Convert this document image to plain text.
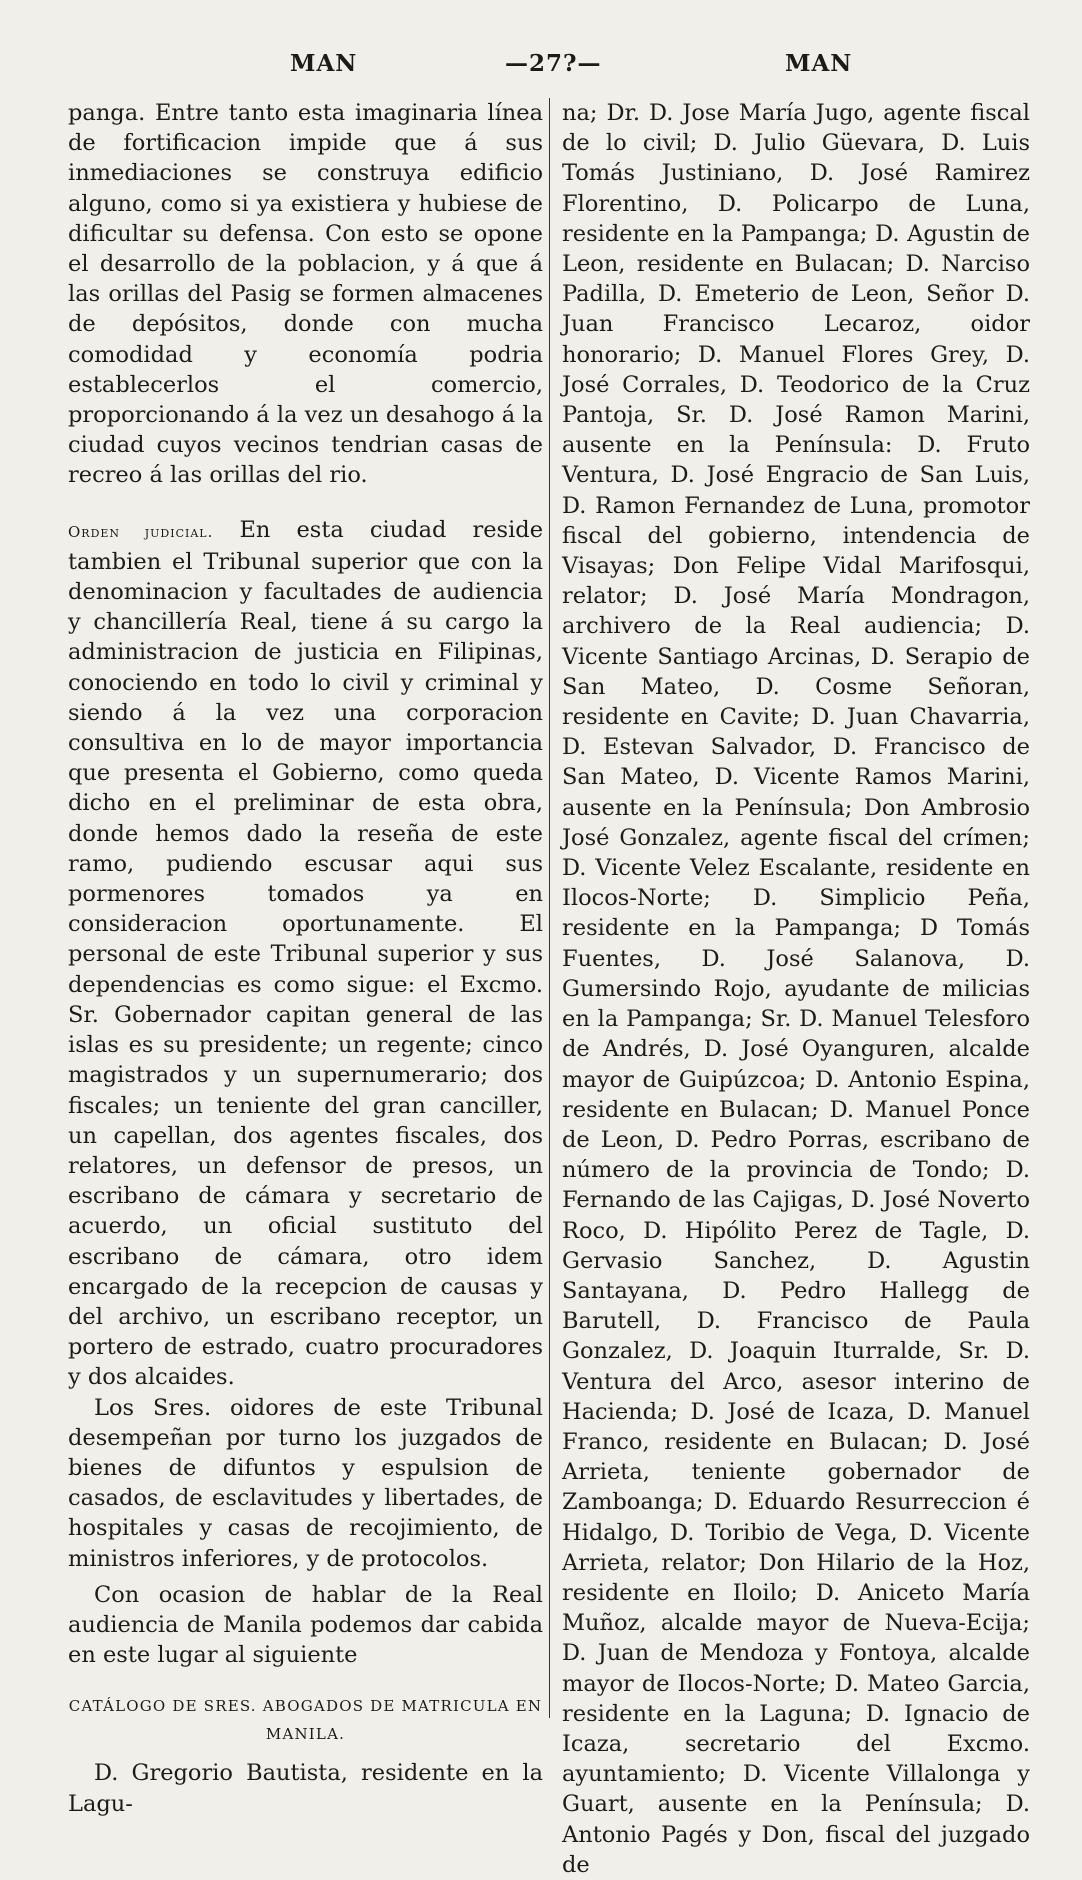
MAN	—27?—	MAN

panga. Entre tanto esta imaginaria línea de fortificacion impide que á sus inmediaciones se construya edificio alguno, como si ya existiera y hubiese de dificultar su defensa. Con esto se opone el desarrollo de la poblacion, y á que á las orillas del Pasig se formen almacenes de depósitos, donde con mucha comodidad y economía podria establecerlos el comercio, proporcionando á la vez un desahogo á la ciudad cuyos vecinos tendrian casas de recreo á las orillas del rio.

Orden judicial. En esta ciudad reside tambien el Tribunal superior que con la denominacion y facultades de audiencia y chancillería Real, tiene á su cargo la administracion de justicia en Filipinas, conociendo en todo lo civil y criminal y siendo á la vez una corporacion consultiva en lo de mayor importancia que presenta el Gobierno, como queda dicho en el preliminar de esta obra, donde hemos dado la reseña de este ramo, pudiendo escusar aqui sus pormenores tomados ya en consideracion oportunamente. El personal de este Tribunal superior y sus dependencias es como sigue: el Excmo. Sr. Gobernador capitan general de las islas es su presidente; un regente; cinco magistrados y un supernumerario; dos fiscales; un teniente del gran canciller, un capellan, dos agentes fiscales, dos relatores, un defensor de presos, un escribano de cámara y secretario de acuerdo, un oficial sustituto del escribano de cámara, otro idem encargado de la recepcion de causas y del archivo, un escribano receptor, un portero de estrado, cuatro procuradores y dos alcaides.

Los Sres. oidores de este Tribunal desempeñan por turno los juzgados de bienes de difuntos y espulsion de casados, de esclavitudes y libertades, de hospitales y casas de recojimiento, de ministros inferiores, y de protocolos.

Con ocasion de hablar de la Real audiencia de Manila podemos dar cabida en este lugar al siguiente

CATÁLOGO DE SRES. ABOGADOS DE MATRICULA EN MANILA.

D. Gregorio Bautista, residente en la Lagu-

na; Dr. D. Jose María Jugo, agente fiscal de lo civil; D. Julio Güevara, D. Luis Tomás Justiniano, D. José Ramirez Florentino, D. Policarpo de Luna, residente en la Pampanga; D. Agustin de Leon, residente en Bulacan; D. Narciso Padilla, D. Emeterio de Leon, Señor D. Juan Francisco Lecaroz, oidor honorario; D. Manuel Flores Grey, D. José Corrales, D. Teodorico de la Cruz Pantoja, Sr. D. José Ramon Marini, ausente en la Península: D. Fruto Ventura, D. José Engracio de San Luis, D. Ramon Fernandez de Luna, promotor fiscal del gobierno, intendencia de Visayas; Don Felipe Vidal Marifosqui, relator; D. José María Mondragon, archivero de la Real audiencia; D. Vicente Santiago Arcinas, D. Serapio de San Mateo, D. Cosme Señoran, residente en Cavite; D. Juan Chavarria, D. Estevan Salvador, D. Francisco de San Mateo, D. Vicente Ramos Marini, ausente en la Península; Don Ambrosio José Gonzalez, agente fiscal del crímen; D. Vicente Velez Escalante, residente en Ilocos-Norte; D. Simplicio Peña, residente en la Pampanga; D Tomás Fuentes, D. José Salanova, D. Gumersindo Rojo, ayudante de milicias en la Pampanga; Sr. D. Manuel Telesforo de Andrés, D. José Oyanguren, alcalde mayor de Guipúzcoa; D. Antonio Espina, residente en Bulacan; D. Manuel Ponce de Leon, D. Pedro Porras, escribano de número de la provincia de Tondo; D. Fernando de las Cajigas, D. José Noverto Roco, D. Hipólito Perez de Tagle, D. Gervasio Sanchez, D. Agustin Santayana, D. Pedro Hallegg de Barutell, D. Francisco de Paula Gonzalez, D. Joaquin Iturralde, Sr. D. Ventura del Arco, asesor interino de Hacienda; D. José de Icaza, D. Manuel Franco, residente en Bulacan; D. José Arrieta, teniente gobernador de Zamboanga; D. Eduardo Resurreccion é Hidalgo, D. Toribio de Vega, D. Vicente Arrieta, relator; Don Hilario de la Hoz, residente en Iloilo; D. Aniceto María Muñoz, alcalde mayor de Nueva-Ecija; D. Juan de Mendoza y Fontoya, alcalde mayor de Ilocos-Norte; D. Mateo Garcia, residente en la Laguna; D. Ignacio de Icaza, secretario del Excmo. ayuntamiento; D. Vicente Villalonga y Guart, ausente en la Península; D. Antonio Pagés y Don, fiscal del juzgado de
